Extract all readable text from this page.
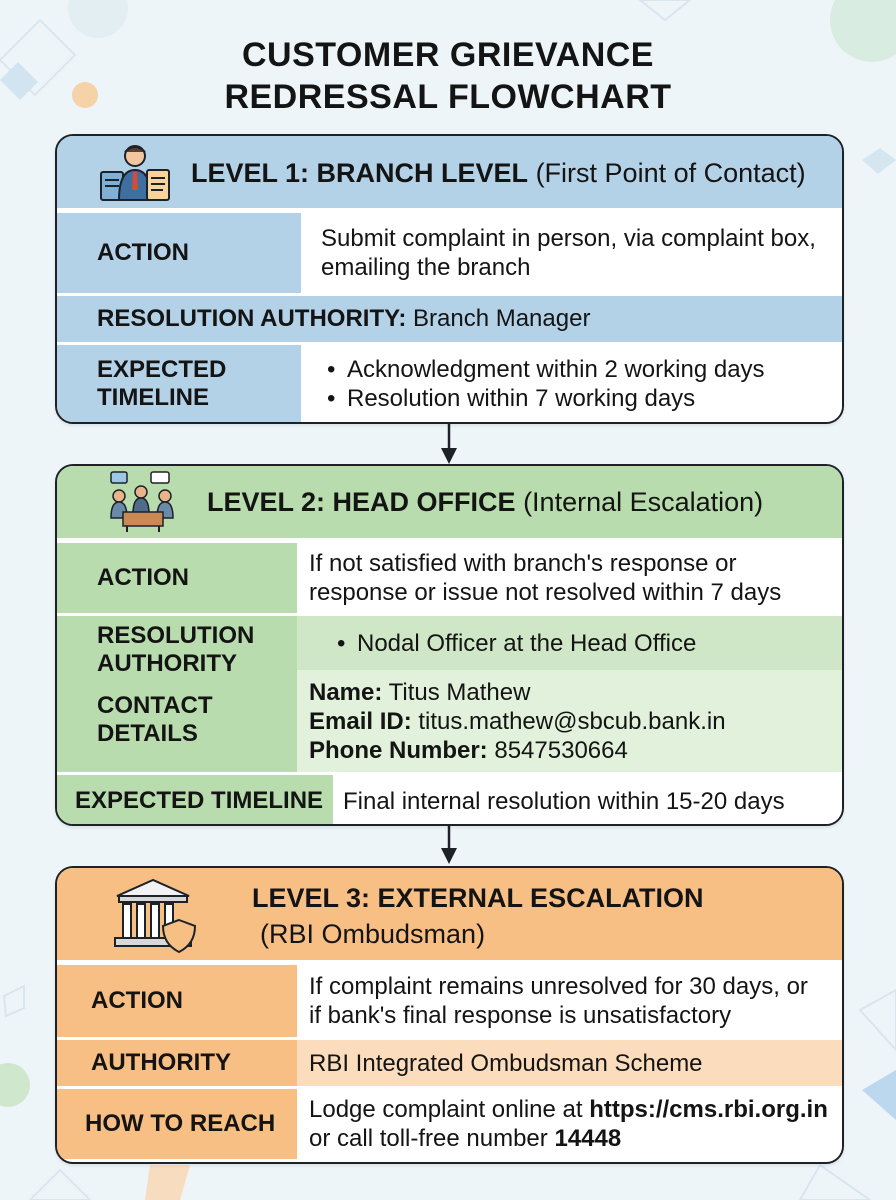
CUSTOMER GRIEVANCE
REDRESSAL FLOWCHART
LEVEL 1: BRANCH LEVEL (First Point of Contact)
ACTION
Submit complaint in person, via complaint box,
emailing the branch
RESOLUTION AUTHORITY:
Branch Manager
EXPECTED
TIMELINE
• Acknowledgment within 2 working days
• Resolution within 7 working days
LEVEL 2: HEAD OFFICE (Internal Escalation)
ACTION
If not satisfied with branch's response or
response or issue not resolved within 7 days
RESOLUTION
AUTHORITY
CONTACT
DETAILS
• Nodal Officer at the Head Office
Name: Titus Mathew
Email ID: titus.mathew@sbcub.bank.in
Phone Number: 8547530664
EXPECTED TIMELINE Final internal resolution within 15-20 days
LEVEL 3: EXTERNAL ESCALATION
(RBI Ombudsman)
ACTION
If complaint remains unresolved for 30 days, or
if bank's final response is unsatisfactory
AUTHORITY	RBI Integrated Ombudsman Scheme
HOW TO REACH
Lodge complaint online at https://cms.rbi.org.in
or call toll-free number 14448
